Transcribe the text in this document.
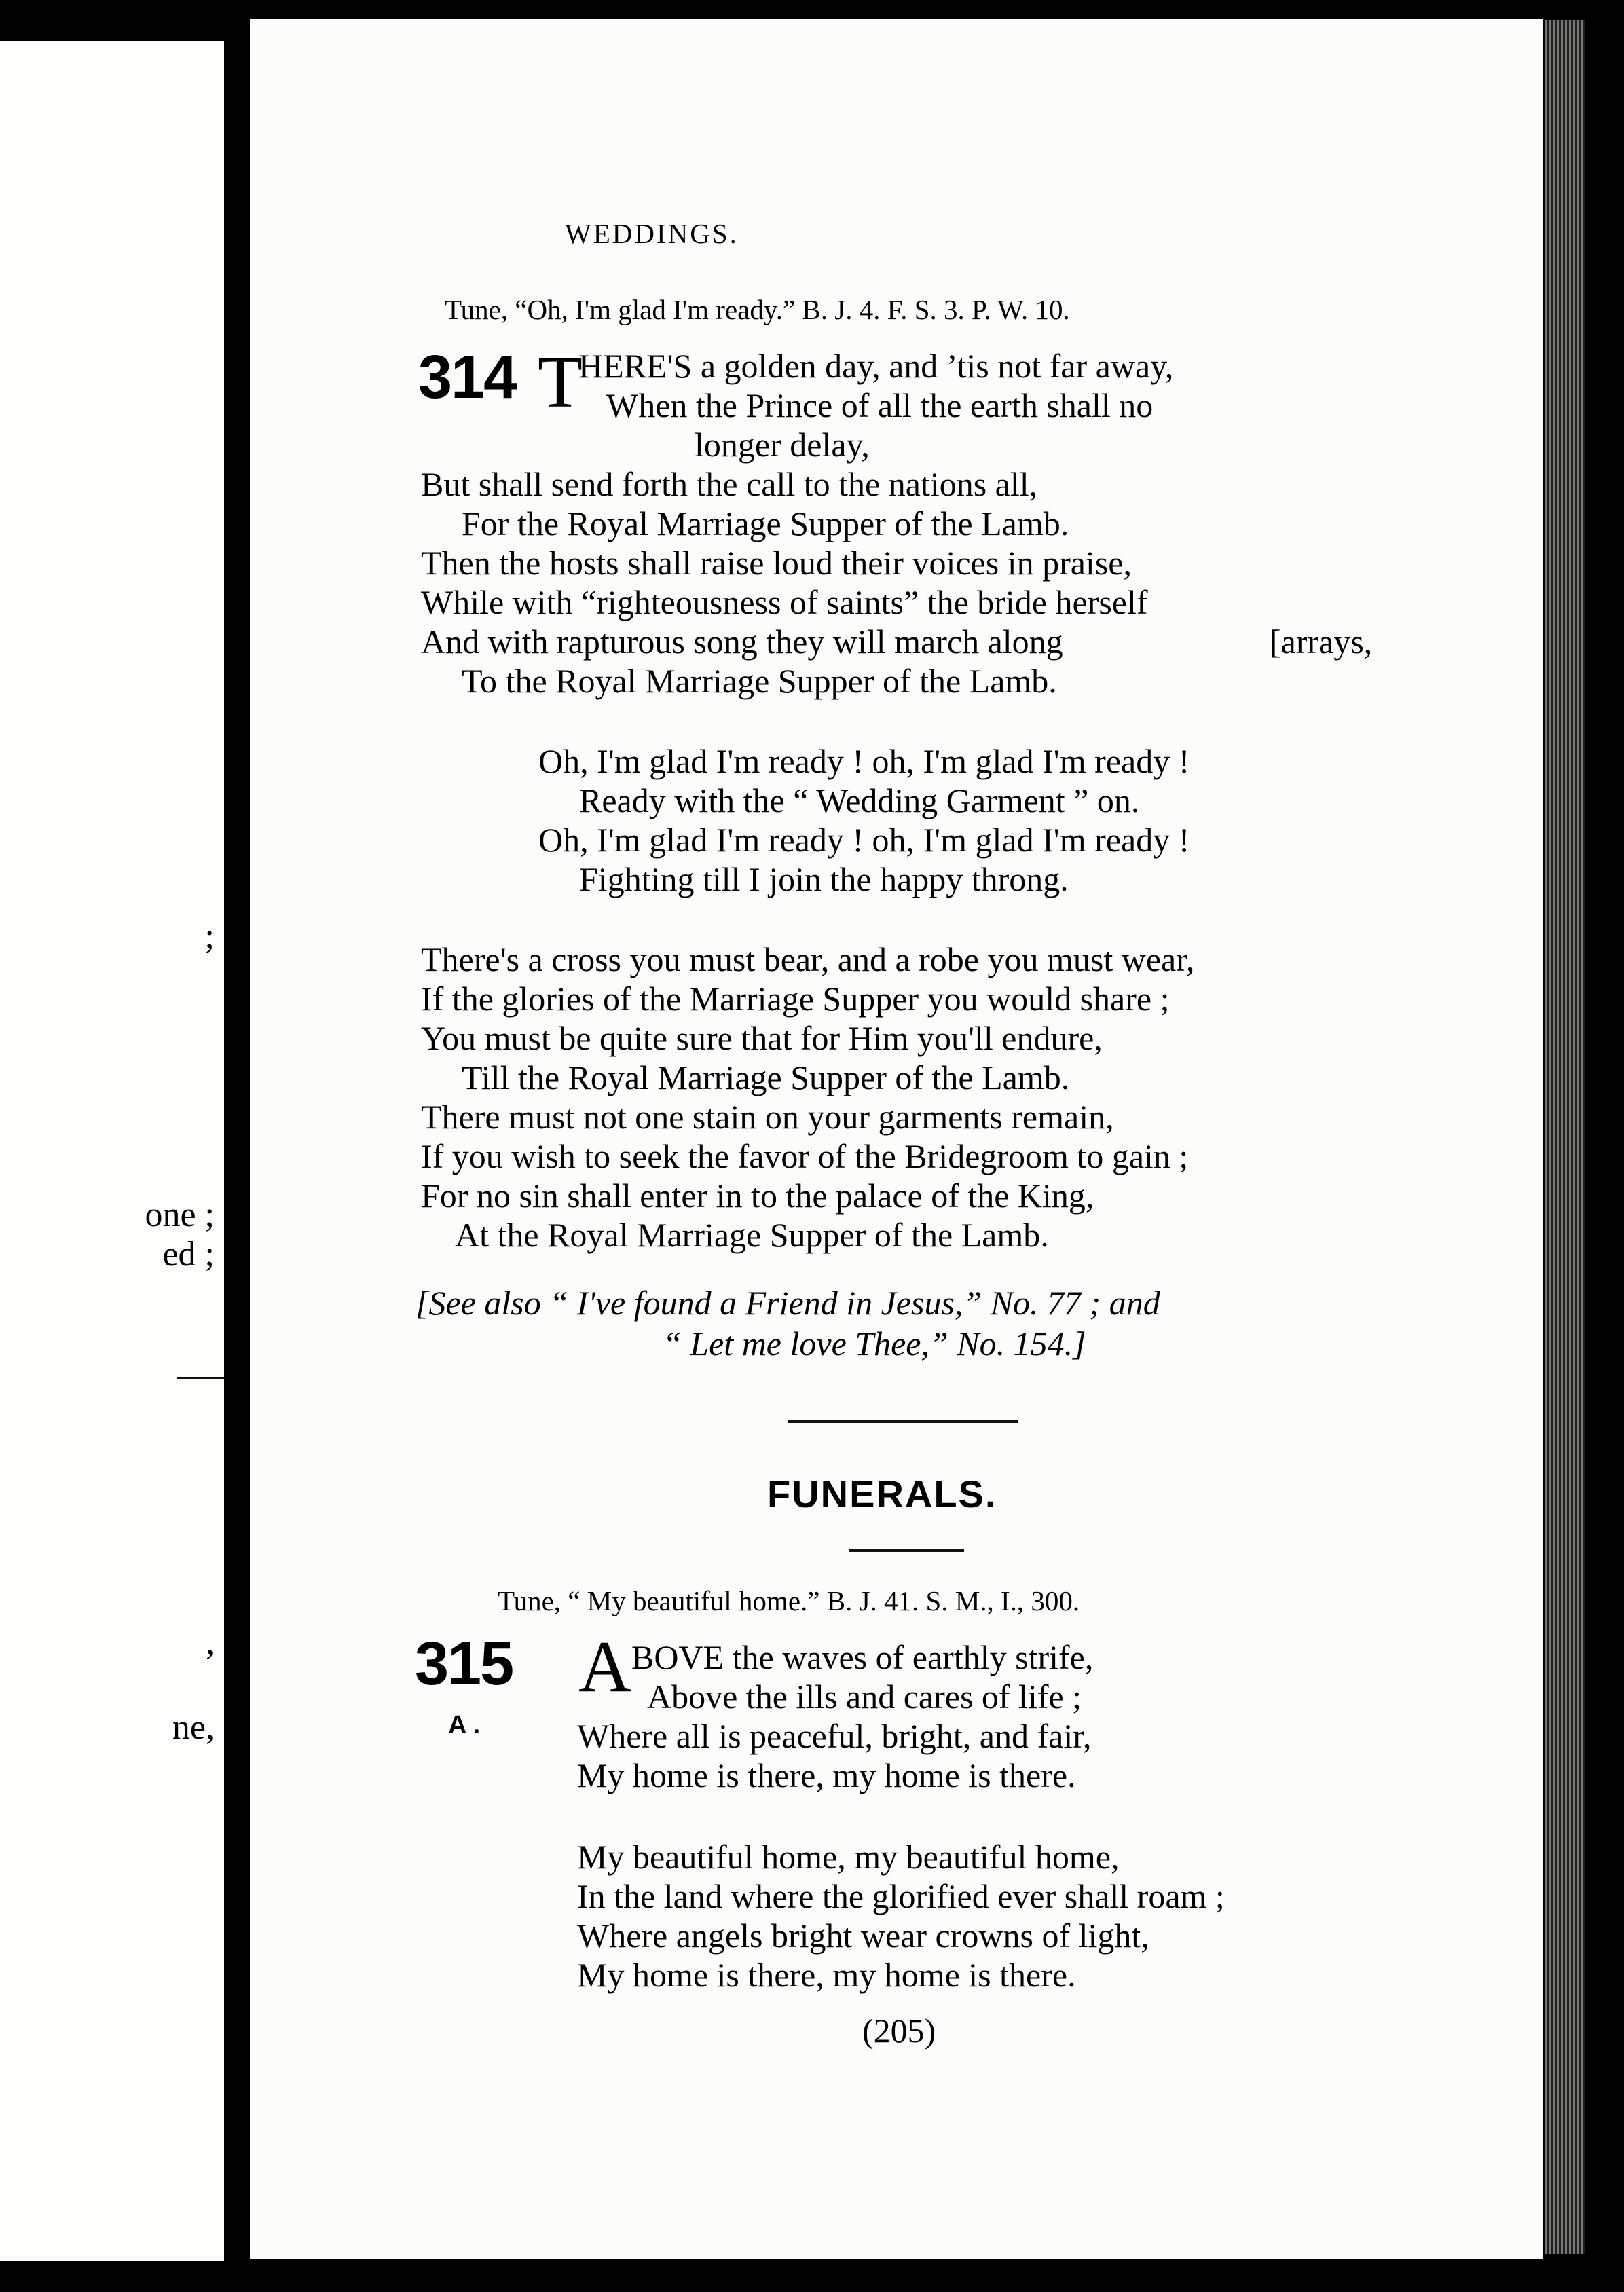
;
one ;
ed ;
,
ne,
WEDDINGS.
Tune, “Oh, I'm glad I'm ready.” B. J. 4. F. S. 3. P. W. 10.
314 T
HERE'S a golden day, and ’tis not far away,
When the Prince of all the earth shall no
longer delay,
But shall send forth the call to the nations all,
For the Royal Marriage Supper of the Lamb.
Then the hosts shall raise loud their voices in praise,
While with “righteousness of saints” the bride herself
And with rapturous song they will march along	[arrays,
To the Royal Marriage Supper of the Lamb.
Oh, I'm glad I'm ready ! oh, I'm glad I'm ready !
Ready with the “ Wedding Garment ” on.
Oh, I'm glad I'm ready ! oh, I'm glad I'm ready !
Fighting till I join the happy throng.
There's a cross you must bear, and a robe you must wear,
If the glories of the Marriage Supper you would share ;
You must be quite sure that for Him you'll endure,
Till the Royal Marriage Supper of the Lamb.
There must not one stain on your garments remain,
If you wish to seek the favor of the Bridegroom to gain ;
For no sin shall enter in to the palace of the King,
At the Royal Marriage Supper of the Lamb.
[See also “ I've found a Friend in Jesus,” No. 77 ; and
“ Let me love Thee,” No. 154.]
FUNERALS.
Tune, “ My beautiful home.” B. J. 41. S. M., I., 300.
315
A .
A BOVE the waves of earthly strife,
Above the ills and cares of life ;
Where all is peaceful, bright, and fair,
My home is there, my home is there.
My beautiful home, my beautiful home,
In the land where the glorified ever shall roam ;
Where angels bright wear crowns of light,
My home is there, my home is there.
(205)
